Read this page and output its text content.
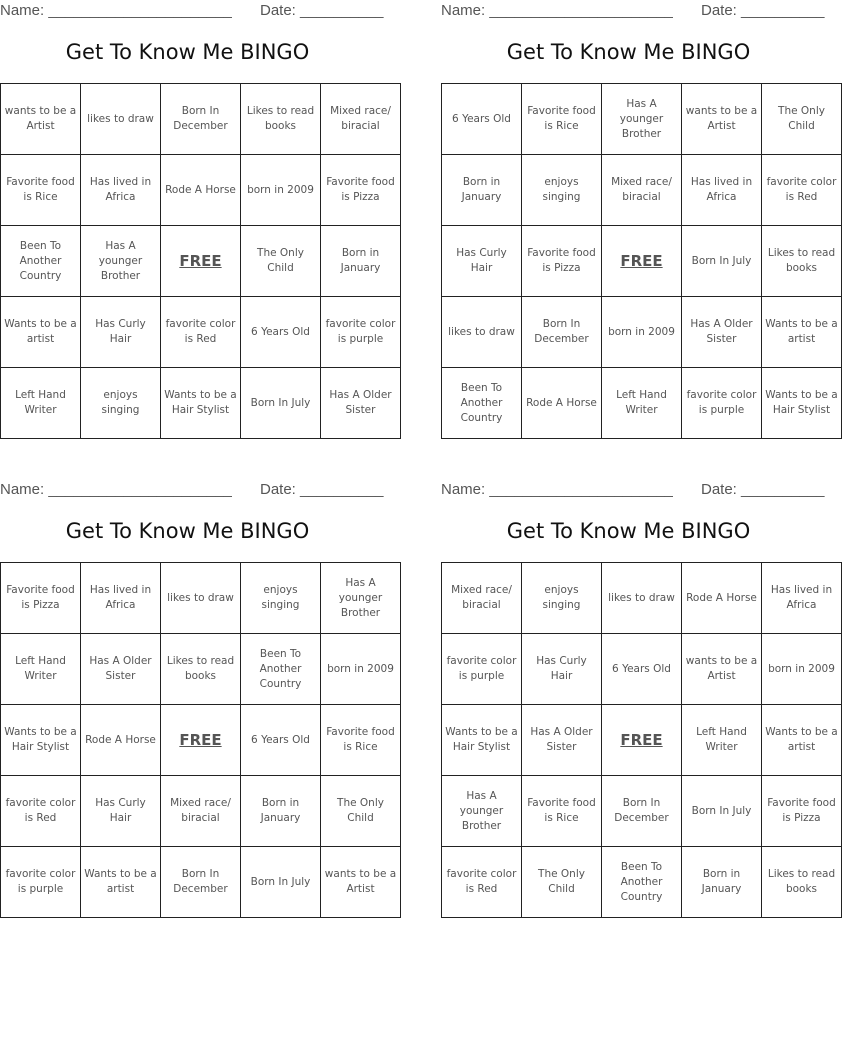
Name: ______________________ Date: __________
Get To Know Me BINGO
wants to be a Artist	likes to draw	Born In December	Likes to read books	Mixed race/ biracial
Favorite food is Rice	Has lived in Africa	Rode A Horse	born in 2009	Favorite food is Pizza
Been To Another Country	Has A younger Brother	FREE	The Only Child	Born in January
Wants to be a artist	Has Curly Hair	favorite color is Red	6 Years Old	favorite color is purple
Left Hand Writer	enjoys singing	Wants to be a Hair Stylist	Born In July	Has A Older Sister
Name: ______________________ Date: __________
Get To Know Me BINGO
6 Years Old	Favorite food is Rice	Has A younger Brother	wants to be a Artist	The Only Child
Born in January	enjoys singing	Mixed race/ biracial	Has lived in Africa	favorite color is Red
Has Curly Hair	Favorite food is Pizza	FREE	Born In July	Likes to read books
likes to draw	Born In December	born in 2009	Has A Older Sister	Wants to be a artist
Been To Another Country	Rode A Horse	Left Hand Writer	favorite color is purple	Wants to be a Hair Stylist
Name: ______________________ Date: __________
Get To Know Me BINGO
Favorite food is Pizza	Has lived in Africa	likes to draw	enjoys singing	Has A younger Brother
Left Hand Writer	Has A Older Sister	Likes to read books	Been To Another Country	born in 2009
Wants to be a Hair Stylist	Rode A Horse	FREE	6 Years Old	Favorite food is Rice
favorite color is Red	Has Curly Hair	Mixed race/ biracial	Born in January	The Only Child
favorite color is purple	Wants to be a artist	Born In December	Born In July	wants to be a Artist
Name: ______________________ Date: __________
Get To Know Me BINGO
Mixed race/ biracial	enjoys singing	likes to draw	Rode A Horse	Has lived in Africa
favorite color is purple	Has Curly Hair	6 Years Old	wants to be a Artist	born in 2009
Wants to be a Hair Stylist	Has A Older Sister	FREE	Left Hand Writer	Wants to be a artist
Has A younger Brother	Favorite food is Rice	Born In December	Born In July	Favorite food is Pizza
favorite color is Red	The Only Child	Been To Another Country	Born in January	Likes to read books
